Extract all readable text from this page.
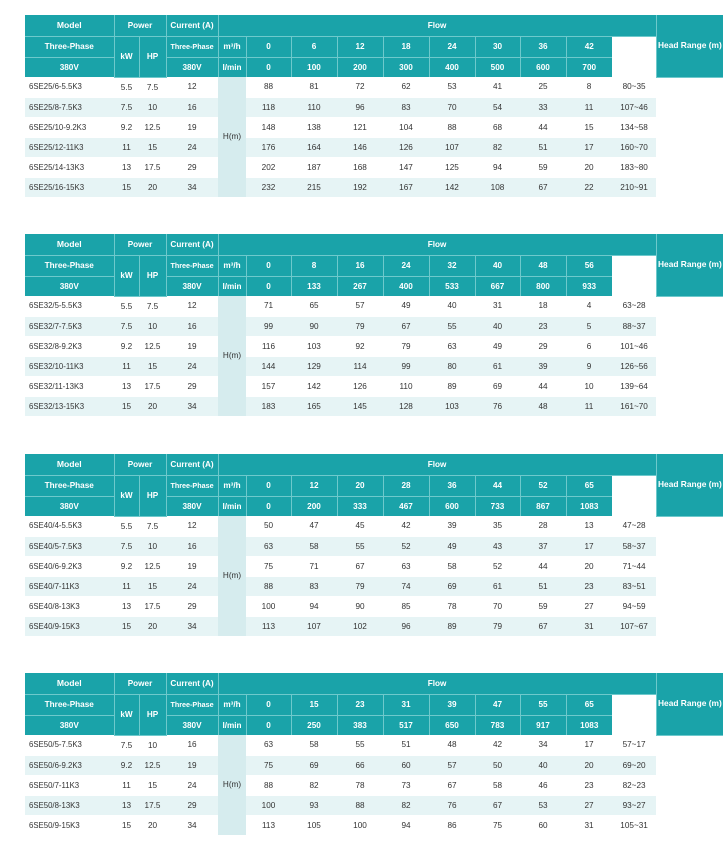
Model	Power		Current (A)	Flow										Head Range (m)
Three-Phase	kW	HP	Three-Phase	m³/h	0	6	12	18	24	30	36	42		
380V			380V	l/min	0	100	200	300	400	500	600	700		
6SE25/6-5.5K3	5.5	7.5	12	H(m)	88	81	72	62	53	41	25	8	80~35	
6SE25/8-7.5K3	7.5	10	16		118	110	96	83	70	54	33	11	107~46	
6SE25/10-9.2K3	9.2	12.5	19		148	138	121	104	88	68	44	15	134~58	
6SE25/12-11K3	11	15	24		176	164	146	126	107	82	51	17	160~70	
6SE25/14-13K3	13	17.5	29		202	187	168	147	125	94	59	20	183~80	
6SE25/16-15K3	15	20	34		232	215	192	167	142	108	67	22	210~91	
Model	Power		Current (A)	Flow										Head Range (m)
Three-Phase	kW	HP	Three-Phase	m³/h	0	8	16	24	32	40	48	56		
380V			380V	l/min	0	133	267	400	533	667	800	933		
6SE32/5-5.5K3	5.5	7.5	12	H(m)	71	65	57	49	40	31	18	4	63~28	
6SE32/7-7.5K3	7.5	10	16		99	90	79	67	55	40	23	5	88~37	
6SE32/8-9.2K3	9.2	12.5	19		116	103	92	79	63	49	29	6	101~46	
6SE32/10-11K3	11	15	24		144	129	114	99	80	61	39	9	126~56	
6SE32/11-13K3	13	17.5	29		157	142	126	110	89	69	44	10	139~64	
6SE32/13-15K3	15	20	34		183	165	145	128	103	76	48	11	161~70	
Model	Power		Current (A)	Flow										Head Range (m)
Three-Phase	kW	HP	Three-Phase	m³/h	0	12	20	28	36	44	52	65		
380V			380V	l/min	0	200	333	467	600	733	867	1083		
6SE40/4-5.5K3	5.5	7.5	12	H(m)	50	47	45	42	39	35	28	13	47~28	
6SE40/5-7.5K3	7.5	10	16		63	58	55	52	49	43	37	17	58~37	
6SE40/6-9.2K3	9.2	12.5	19		75	71	67	63	58	52	44	20	71~44	
6SE40/7-11K3	11	15	24		88	83	79	74	69	61	51	23	83~51	
6SE40/8-13K3	13	17.5	29		100	94	90	85	78	70	59	27	94~59	
6SE40/9-15K3	15	20	34		113	107	102	96	89	79	67	31	107~67	
Model	Power		Current (A)	Flow										Head Range (m)
Three-Phase	kW	HP	Three-Phase	m³/h	0	15	23	31	39	47	55	65		
380V			380V	l/min	0	250	383	517	650	783	917	1083		
6SE50/5-7.5K3	7.5	10	16	H(m)	63	58	55	51	48	42	34	17	57~17	
6SE50/6-9.2K3	9.2	12.5	19		75	69	66	60	57	50	40	20	69~20	
6SE50/7-11K3	11	15	24		88	82	78	73	67	58	46	23	82~23	
6SE50/8-13K3	13	17.5	29		100	93	88	82	76	67	53	27	93~27	
6SE50/9-15K3	15	20	34		113	105	100	94	86	75	60	31	105~31	
